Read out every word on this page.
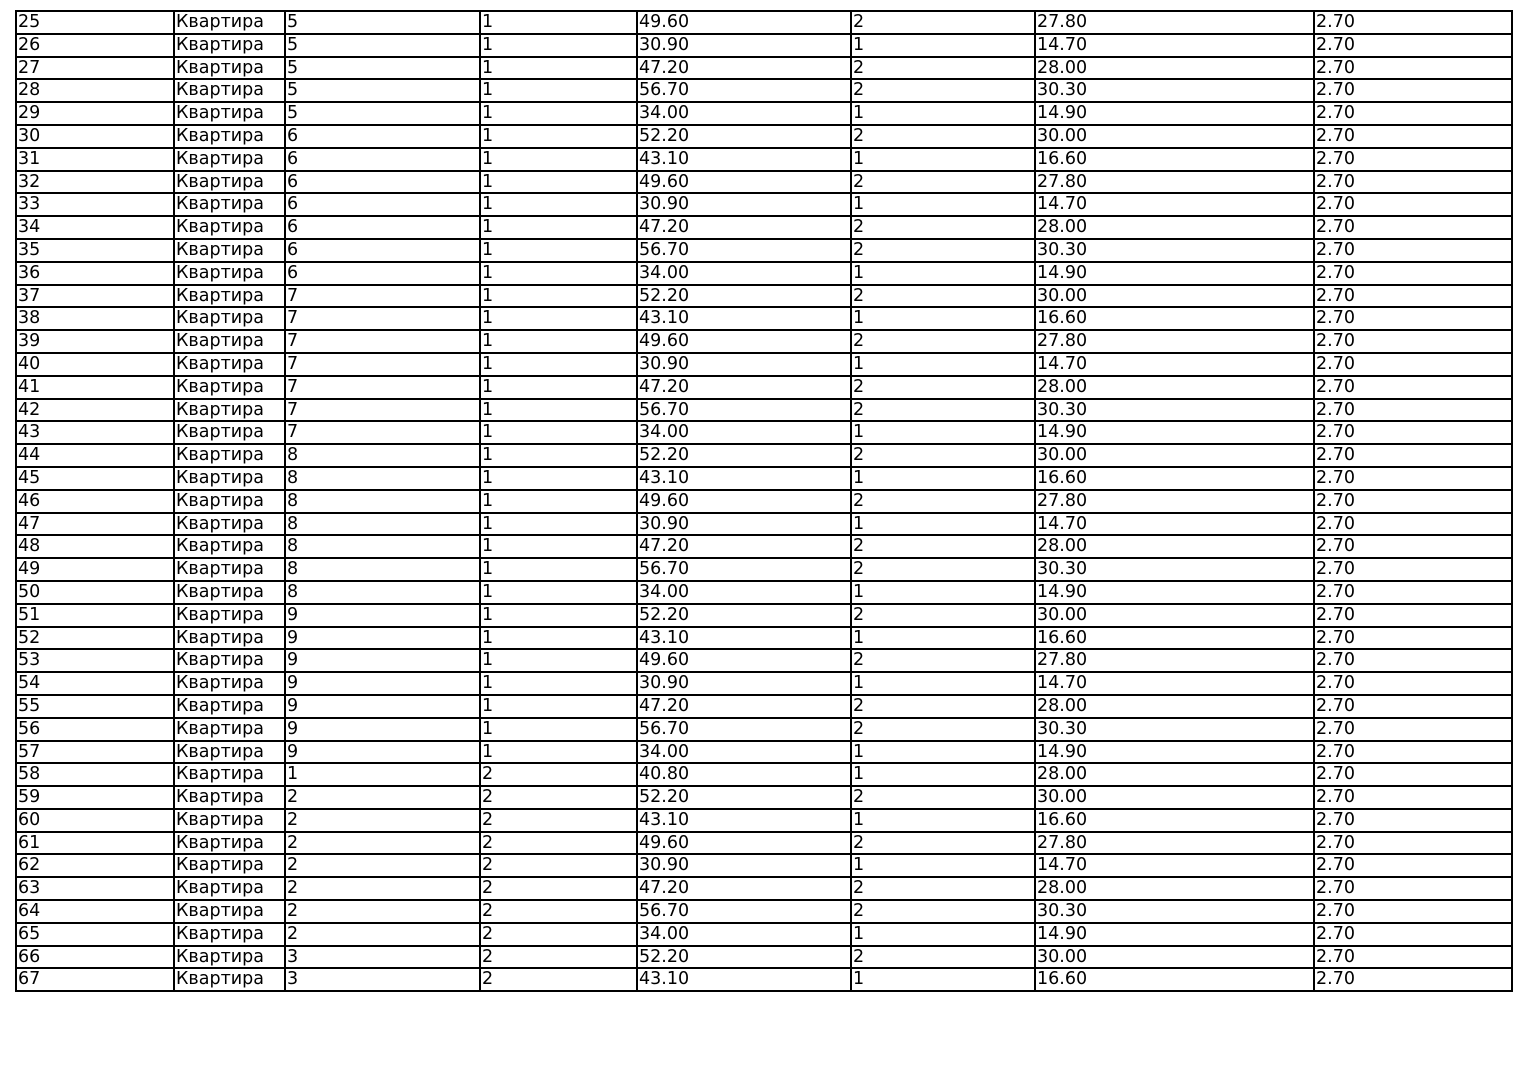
25	Квартира	5	1	49.60	2	27.80	2.70
26	Квартира	5	1	30.90	1	14.70	2.70
27	Квартира	5	1	47.20	2	28.00	2.70
28	Квартира	5	1	56.70	2	30.30	2.70
29	Квартира	5	1	34.00	1	14.90	2.70
30	Квартира	6	1	52.20	2	30.00	2.70
31	Квартира	6	1	43.10	1	16.60	2.70
32	Квартира	6	1	49.60	2	27.80	2.70
33	Квартира	6	1	30.90	1	14.70	2.70
34	Квартира	6	1	47.20	2	28.00	2.70
35	Квартира	6	1	56.70	2	30.30	2.70
36	Квартира	6	1	34.00	1	14.90	2.70
37	Квартира	7	1	52.20	2	30.00	2.70
38	Квартира	7	1	43.10	1	16.60	2.70
39	Квартира	7	1	49.60	2	27.80	2.70
40	Квартира	7	1	30.90	1	14.70	2.70
41	Квартира	7	1	47.20	2	28.00	2.70
42	Квартира	7	1	56.70	2	30.30	2.70
43	Квартира	7	1	34.00	1	14.90	2.70
44	Квартира	8	1	52.20	2	30.00	2.70
45	Квартира	8	1	43.10	1	16.60	2.70
46	Квартира	8	1	49.60	2	27.80	2.70
47	Квартира	8	1	30.90	1	14.70	2.70
48	Квартира	8	1	47.20	2	28.00	2.70
49	Квартира	8	1	56.70	2	30.30	2.70
50	Квартира	8	1	34.00	1	14.90	2.70
51	Квартира	9	1	52.20	2	30.00	2.70
52	Квартира	9	1	43.10	1	16.60	2.70
53	Квартира	9	1	49.60	2	27.80	2.70
54	Квартира	9	1	30.90	1	14.70	2.70
55	Квартира	9	1	47.20	2	28.00	2.70
56	Квартира	9	1	56.70	2	30.30	2.70
57	Квартира	9	1	34.00	1	14.90	2.70
58	Квартира	1	2	40.80	1	28.00	2.70
59	Квартира	2	2	52.20	2	30.00	2.70
60	Квартира	2	2	43.10	1	16.60	2.70
61	Квартира	2	2	49.60	2	27.80	2.70
62	Квартира	2	2	30.90	1	14.70	2.70
63	Квартира	2	2	47.20	2	28.00	2.70
64	Квартира	2	2	56.70	2	30.30	2.70
65	Квартира	2	2	34.00	1	14.90	2.70
66	Квартира	3	2	52.20	2	30.00	2.70
67	Квартира	3	2	43.10	1	16.60	2.70
